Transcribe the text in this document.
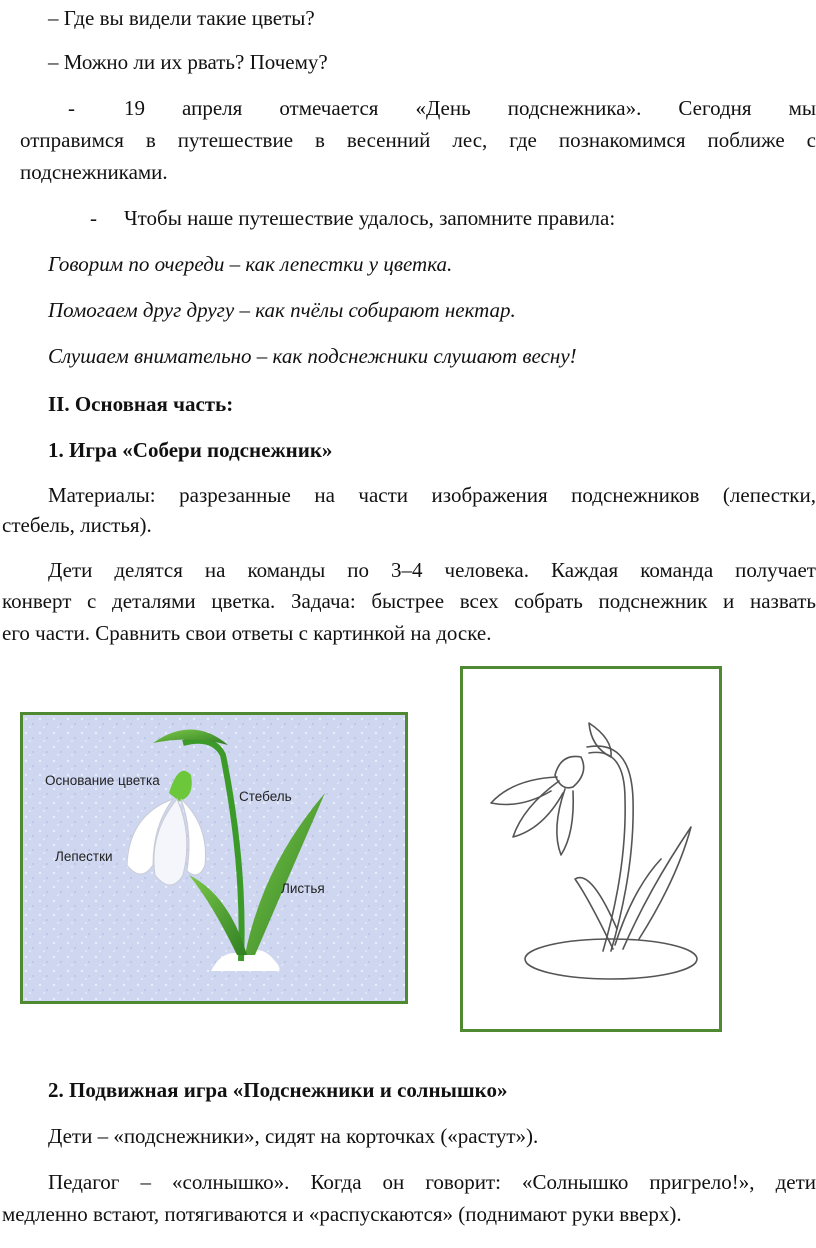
– Где вы видели такие цветы?
– Можно ли их рвать? Почему?
- 19 апреля отмечается «День подснежника». Сегодня мы
отправимся в путешествие в весенний лес, где познакомимся поближе с
подснежниками.
- Чтобы наше путешествие удалось, запомните правила:
Говорим по очереди – как лепестки у цветка.
Помогаем друг другу – как пчёлы собирают нектар.
Слушаем внимательно – как подснежники слушают весну!
II. Основная часть:
1. Игра «Собери подснежник»
Материалы: разрезанные на части изображения подснежников (лепестки,
стебель, листья).
Дети делятся на команды по 3–4 человека. Каждая команда получает
конверт с деталями цветка. Задача: быстрее всех собрать подснежник и назвать
его части. Сравнить свои ответы с картинкой на доске.
Основание цветка
Стебель
Лепестки
Листья
2. Подвижная игра «Подснежники и солнышко»
Дети – «подснежники», сидят на корточках («растут»).
Педагог – «солнышко». Когда он говорит: «Солнышко пригрело!», дети
медленно встают, потягиваются и «распускаются» (поднимают руки вверх).
